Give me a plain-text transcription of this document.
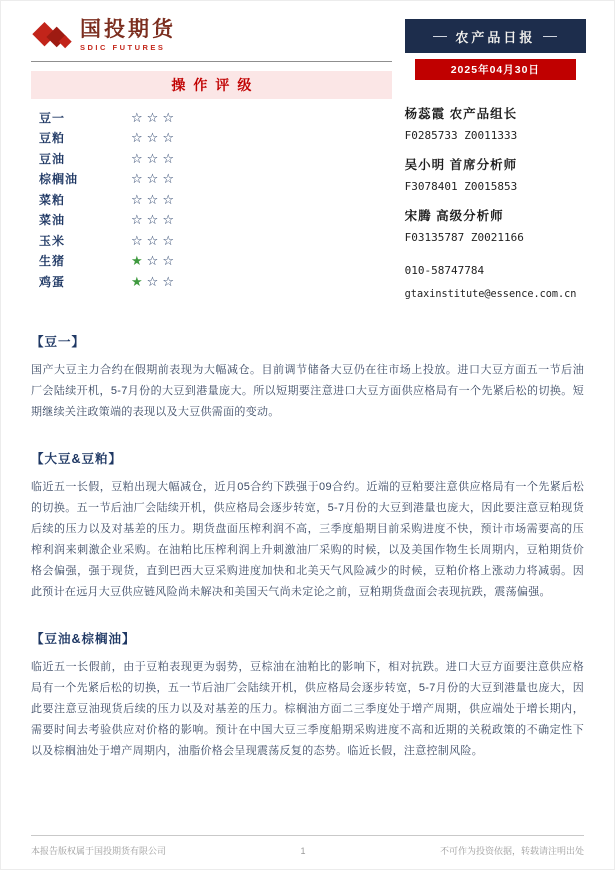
国投期货
SDIC FUTURES
操作评级
豆一	☆☆☆
豆粕	☆☆☆
豆油	☆☆☆
棕榈油	☆☆☆
菜粕	☆☆☆
菜油	☆☆☆
玉米	☆☆☆
生猪	★☆☆
鸡蛋	★☆☆
农产品日报
2025年04月30日
杨蕊霞 农产品组长
F0285733 Z0011333
吴小明 首席分析师
F3078401 Z0015853
宋腾 高级分析师
F03135787 Z0021166
010-58747784
gtaxinstitute@essence.com.cn
【豆一】

国产大豆主力合约在假期前表现为大幅减仓。目前调节储备大豆仍在往市场上投放。进口大豆方面五一节后油厂会陆续开机，5-7月份的大豆到港量庞大。所以短期要注意进口大豆方面供应格局有一个先紧后松的切换。短期继续关注政策端的表现以及大豆供需面的变动。

【大豆&豆粕】

临近五一长假，豆粕出现大幅减仓，近月05合约下跌强于09合约。近端的豆粕要注意供应格局有一个先紧后松的切换。五一节后油厂会陆续开机，供应格局会逐步转宽，5-7月份的大豆到港量也庞大，因此要注意豆粕现货后续的压力以及对基差的压力。期货盘面压榨利润不高，三季度船期目前采购进度不快，预计市场需要高的压榨利润来刺激企业采购。在油粕比压榨利润上升刺激油厂采购的时候，以及美国作物生长周期内，豆粕期货价格会偏强，强于现货，直到巴西大豆采购进度加快和北美天气风险减少的时候，豆粕价格上涨动力将减弱。因此预计在远月大豆供应链风险尚未解决和美国天气尚未定论之前，豆粕期货盘面会表现抗跌，震荡偏强。

【豆油&棕榈油】

临近五一长假前，由于豆粕表现更为弱势，豆棕油在油粕比的影响下，相对抗跌。进口大豆方面要注意供应格局有一个先紧后松的切换，五一节后油厂会陆续开机，供应格局会逐步转宽，5-7月份的大豆到港量也庞大，因此要注意豆油现货后续的压力以及对基差的压力。棕榈油方面二三季度处于增产周期，供应端处于增长期内，需要时间去考验供应对价格的影响。预计在中国大豆三季度船期采购进度不高和近期的关税政策的不确定性下以及棕榈油处于增产周期内，油脂价格会呈现震荡反复的态势。临近长假，注意控制风险。

本报告版权属于国投期货有限公司	1	不可作为投资依据，转载请注明出处
